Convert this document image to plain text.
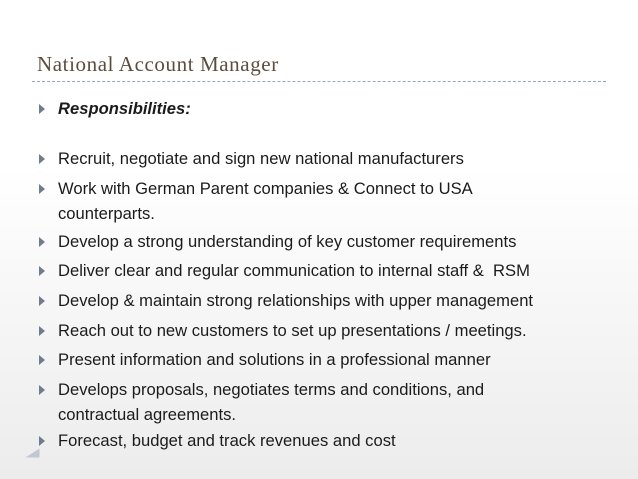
National Account Manager
Responsibilities:
Recruit, negotiate and sign new national manufacturers
Work with German Parent companies & Connect to USA counterparts.
Develop a strong understanding of key customer requirements
Deliver clear and regular communication to internal staff &  RSM
Develop & maintain strong relationships with upper management
Reach out to new customers to set up presentations / meetings.
Present information and solutions in a professional manner
Develops proposals, negotiates terms and conditions, and contractual agreements.
Forecast, budget and track revenues and cost
